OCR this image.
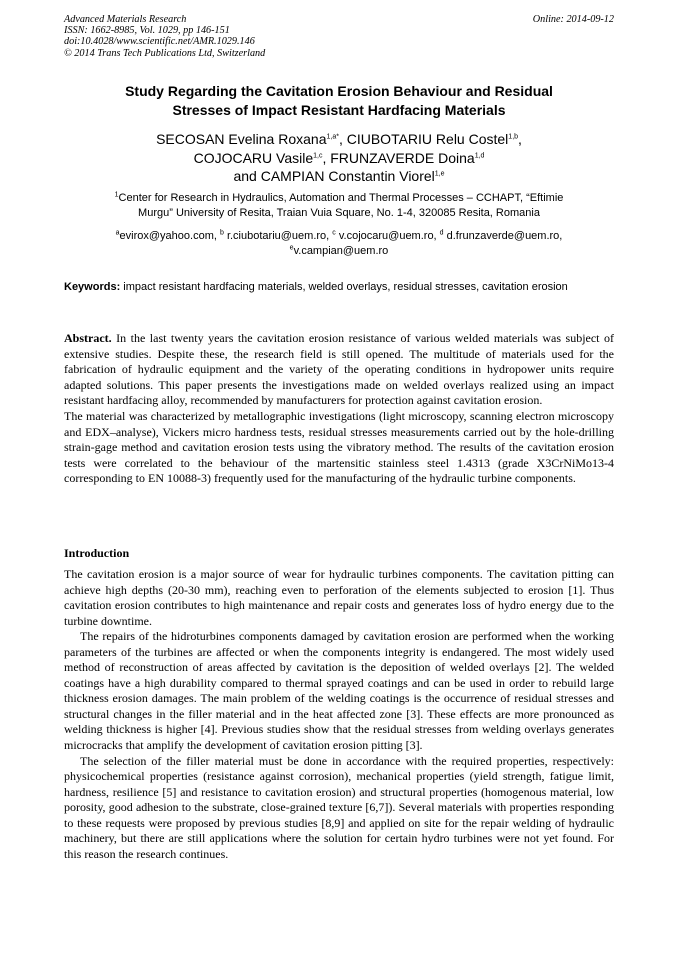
Advanced Materials Research
ISSN: 1662-8985, Vol. 1029, pp 146-151
doi:10.4028/www.scientific.net/AMR.1029.146
© 2014 Trans Tech Publications Ltd, Switzerland
Online: 2014-09-12
Study Regarding the Cavitation Erosion Behaviour and Residual
Stresses of Impact Resistant Hardfacing Materials
SECOSAN Evelina Roxana$^{1,a*}$, CIUBOTARIU Relu Costel$^{1,b}$,
COJOCARU Vasile$^{1,c}$, FRUNZAVERDE Doina$^{1,d}$
and CAMPIAN Constantin Viorel$^{1,e}$
$^1$Center for Research in Hydraulics, Automation and Thermal Processes – CCHAPT, “Eftimie
Murgu” University of Resita, Traian Vuia Square, No. 1-4, 320085 Resita, Romania
$^a$evirox@yahoo.com, $^b$ r.ciubotariu@uem.ro, $^c$ v.cojocaru@uem.ro, $^d$ d.frunzaverde@uem.ro,
$^e$v.campian@uem.ro
Keywords: impact resistant hardfacing materials, welded overlays, residual stresses, cavitation erosion

Abstract. In the last twenty years the cavitation erosion resistance of various welded materials was subject of extensive studies. Despite these, the research field is still opened. The multitude of materials used for the fabrication of hydraulic equipment and the variety of the operating conditions in hydropower units require adapted solutions. This paper presents the investigations made on welded overlays realized using an impact resistant hardfacing alloy, recommended by manufacturers for protection against cavitation erosion.

The material was characterized by metallographic investigations (light microscopy, scanning electron microscopy and EDX–analyse), Vickers micro hardness tests, residual stresses measurements carried out by the hole-drilling strain-gage method and cavitation erosion tests using the vibratory method. The results of the cavitation erosion tests were correlated to the behaviour of the martensitic stainless steel 1.4313 (grade X3CrNiMo13-4 corresponding to EN 10088-3) frequently used for the manufacturing of the hydraulic turbine components.

Introduction

The cavitation erosion is a major source of wear for hydraulic turbines components. The cavitation pitting can achieve high depths (20-30 mm), reaching even to perforation of the elements subjected to erosion [1]. Thus cavitation erosion contributes to high maintenance and repair costs and generates loss of hydro energy due to the turbine downtime.

The repairs of the hidroturbines components damaged by cavitation erosion are performed when the working parameters of the turbines are affected or when the components integrity is endangered. The most widely used method of reconstruction of areas affected by cavitation is the deposition of welded overlays [2]. The welded coatings have a high durability compared to thermal sprayed coatings and can be used in order to rebuild large thickness erosion damages. The main problem of the welding coatings is the occurrence of residual stresses and structural changes in the filler material and in the heat affected zone [3]. These effects are more pronounced as welding thickness is higher [4]. Previous studies show that the residual stresses from welding overlays generates microcracks that amplify the development of cavitation erosion pitting [3].

The selection of the filler material must be done in accordance with the required properties, respectively: physicochemical properties (resistance against corrosion), mechanical properties (yield strength, fatigue limit, hardness, resilience [5] and resistance to cavitation erosion) and structural properties (homogenous material, low porosity, good adhesion to the substrate, close-grained texture [6,7]). Several materials with properties responding to these requests were proposed by previous studies [8,9] and applied on site for the repair welding of hydraulic machinery, but there are still applications where the solution for certain hydro turbines were not yet found. For this reason the research continues.
